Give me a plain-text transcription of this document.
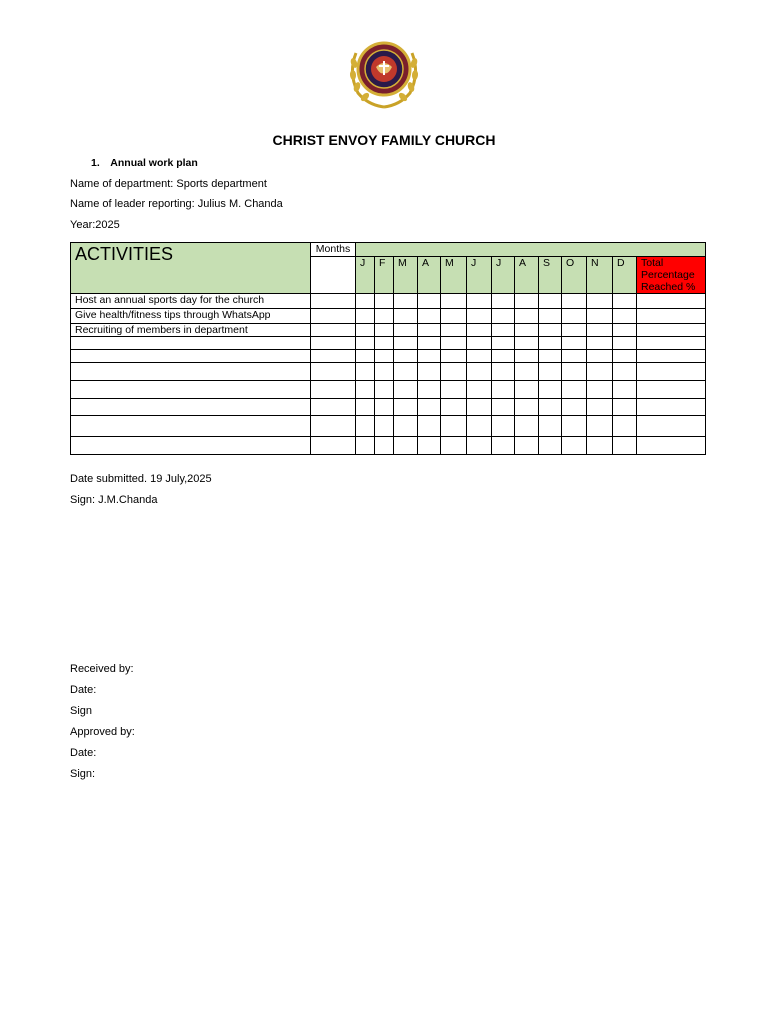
CHRIST ENVOY FAMILY CHURCH
1. Annual work plan
Name of department: Sports department
Name of leader reporting: Julius M. Chanda
Year:2025
ACTIVITIES	Months													
		J	F	M	A	M	J	J	A	S	O	N	D	Total Percentage Reached %
Host an annual sports day for the church														
Give health/fitness tips through WhatsApp														
Recruiting of members in department														

Date submitted. 19 July,2025
Sign: J.M.Chanda
Received by:
Date:
Sign
Approved by:
Date:
Sign:
